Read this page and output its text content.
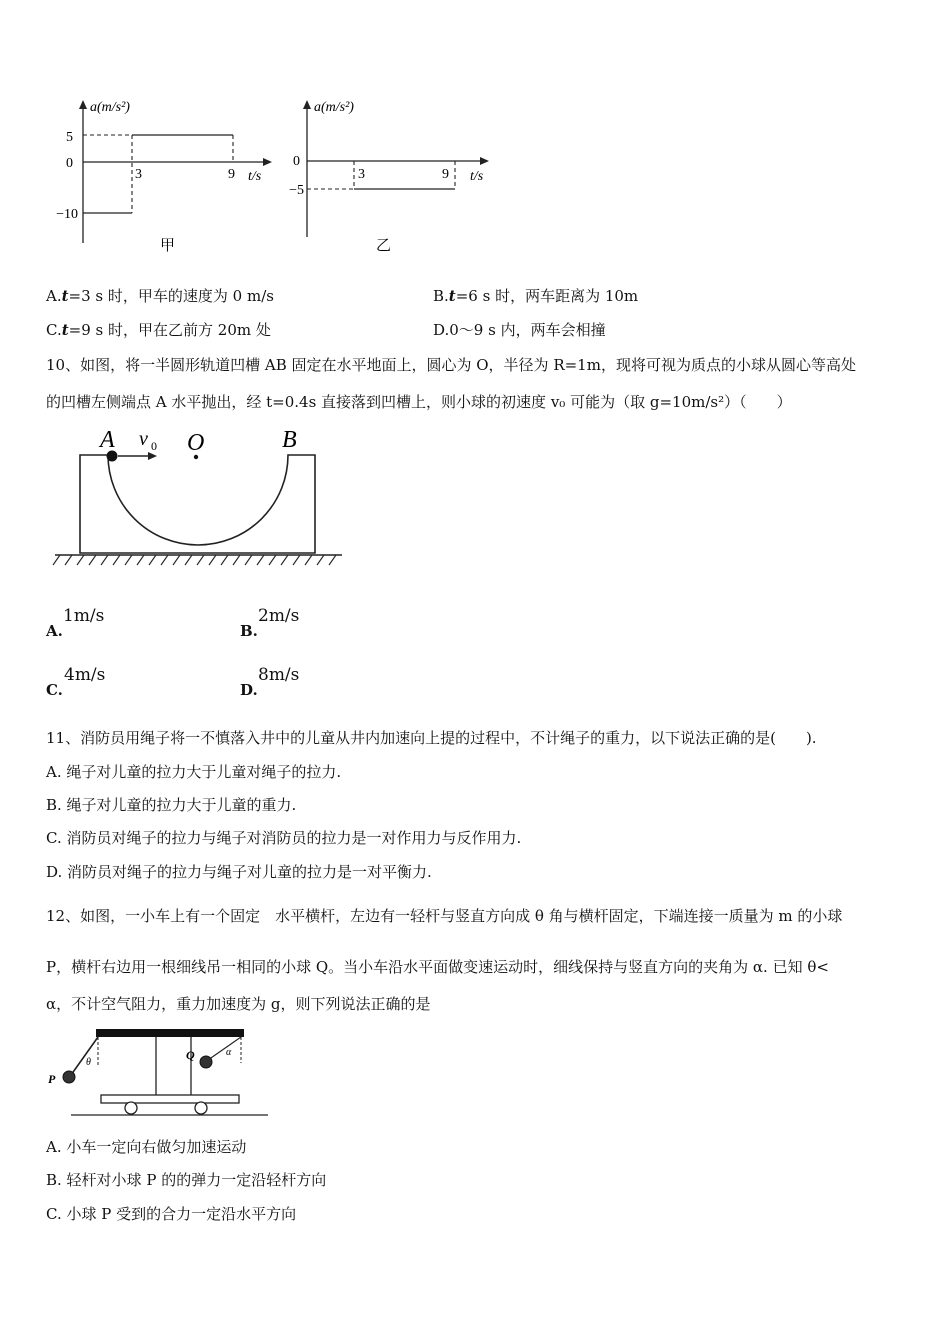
a(m/s²)
t/s
5
0
−10
3	9
甲
a(m/s²)
t/s
0
−5
3	9
乙
A.t=3 s 时，甲车的速度为 0 m/s	B.t=6 s 时，两车距离为 10m
C.t=9 s 时，甲在乙前方 20m 处	D.0～9 s 内，两车会相撞
10、如图，将一半圆形轨道凹槽 AB 固定在水平地面上，圆心为 O，半径为 R=1m，现将可视为质点的小球从圆心等高处
的凹槽左侧端点 A 水平抛出，经 t=0.4s 直接落到凹槽上，则小球的初速度 v₀ 可能为（取 g=10m/s²）（　　）
A v 0 O	B
A.
1m/s
B.
2m/s
C.
4m/s
D.
8m/s
11、消防员用绳子将一不慎落入井中的儿童从井内加速向上提的过程中，不计绳子的重力，以下说法正确的是(　　).
A. 绳子对儿童的拉力大于儿童对绳子的拉力.
B. 绳子对儿童的拉力大于儿童的重力.
C. 消防员对绳子的拉力与绳子对消防员的拉力是一对作用力与反作用力.
D. 消防员对绳子的拉力与绳子对儿童的拉力是一对平衡力.
12、如图，一小车上有一个固定　水平横杆，左边有一轻杆与竖直方向成 θ 角与横杆固定，下端连接一质量为 m 的小球
P，横杆右边用一根细线吊一相同的小球 Q。当小车沿水平面做变速运动时，细线保持与竖直方向的夹角为 α. 已知 θ<
α，不计空气阻力，重力加速度为 g，则下列说法正确的是
P
θ
Q	α
A. 小车一定向右做匀加速运动
B. 轻杆对小球 P 的的弹力一定沿轻杆方向
C. 小球 P 受到的合力一定沿水平方向
